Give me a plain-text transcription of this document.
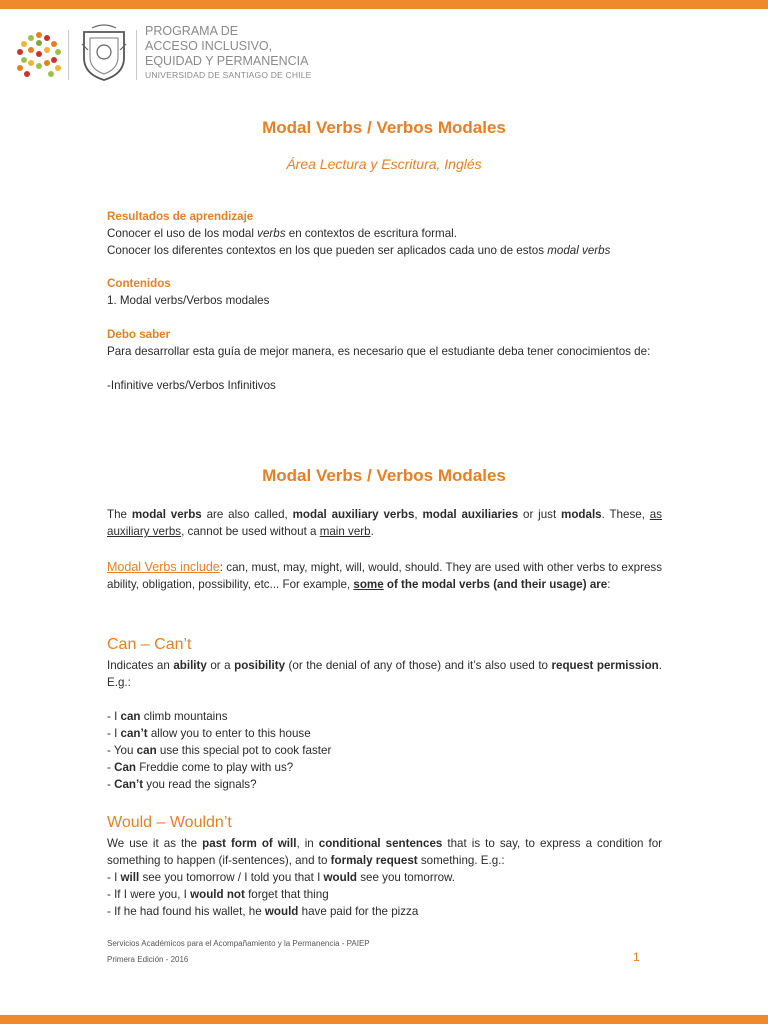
PROGRAMA DE
ACCESO INCLUSIVO,
EQUIDAD Y PERMANENCIA
UNIVERSIDAD DE SANTIAGO DE CHILE
Modal Verbs / Verbos Modales
Área Lectura y Escritura, Inglés
Resultados de aprendizaje
Conocer el uso de los modal verbs en contextos de escritura formal.
Conocer los diferentes contextos en los que pueden ser aplicados cada uno de estos modal verbs
Contenidos
1. Modal verbs/Verbos modales
Debo saber
Para desarrollar esta guía de mejor manera, es necesario que el estudiante deba tener conocimientos de:
-Infinitive verbs/Verbos Infinitivos
Modal Verbs / Verbos Modales
The modal verbs are also called, modal auxiliary verbs, modal auxiliaries or just modals. These, as auxiliary verbs, cannot be used without a main verb.
Modal Verbs include: can, must, may, might, will, would, should. They are used with other verbs to express ability, obligation, possibility, etc... For example, some of the modal verbs (and their usage) are:
Can – Can’t
Indicates an ability or a posibility (or the denial of any of those) and it’s also used to request permission. E.g.:
- I can climb mountains
- I can’t allow you to enter to this house
- You can use this special pot to cook faster
- Can Freddie come to play with us?
- Can’t you read the signals?
Would – Wouldn’t
We use it as the past form of will, in conditional sentences that is to say, to express a condition for something to happen (if-sentences), and to formaly request something. E.g.:
- I will see you tomorrow / I told you that I would see you tomorrow.
- If I were you, I would not forget that thing
- If he had found his wallet, he would have paid for the pizza
Servicios Académicos para el Acompañamiento y la Permanencia - PAIEP
Primera Edición - 2016	1
